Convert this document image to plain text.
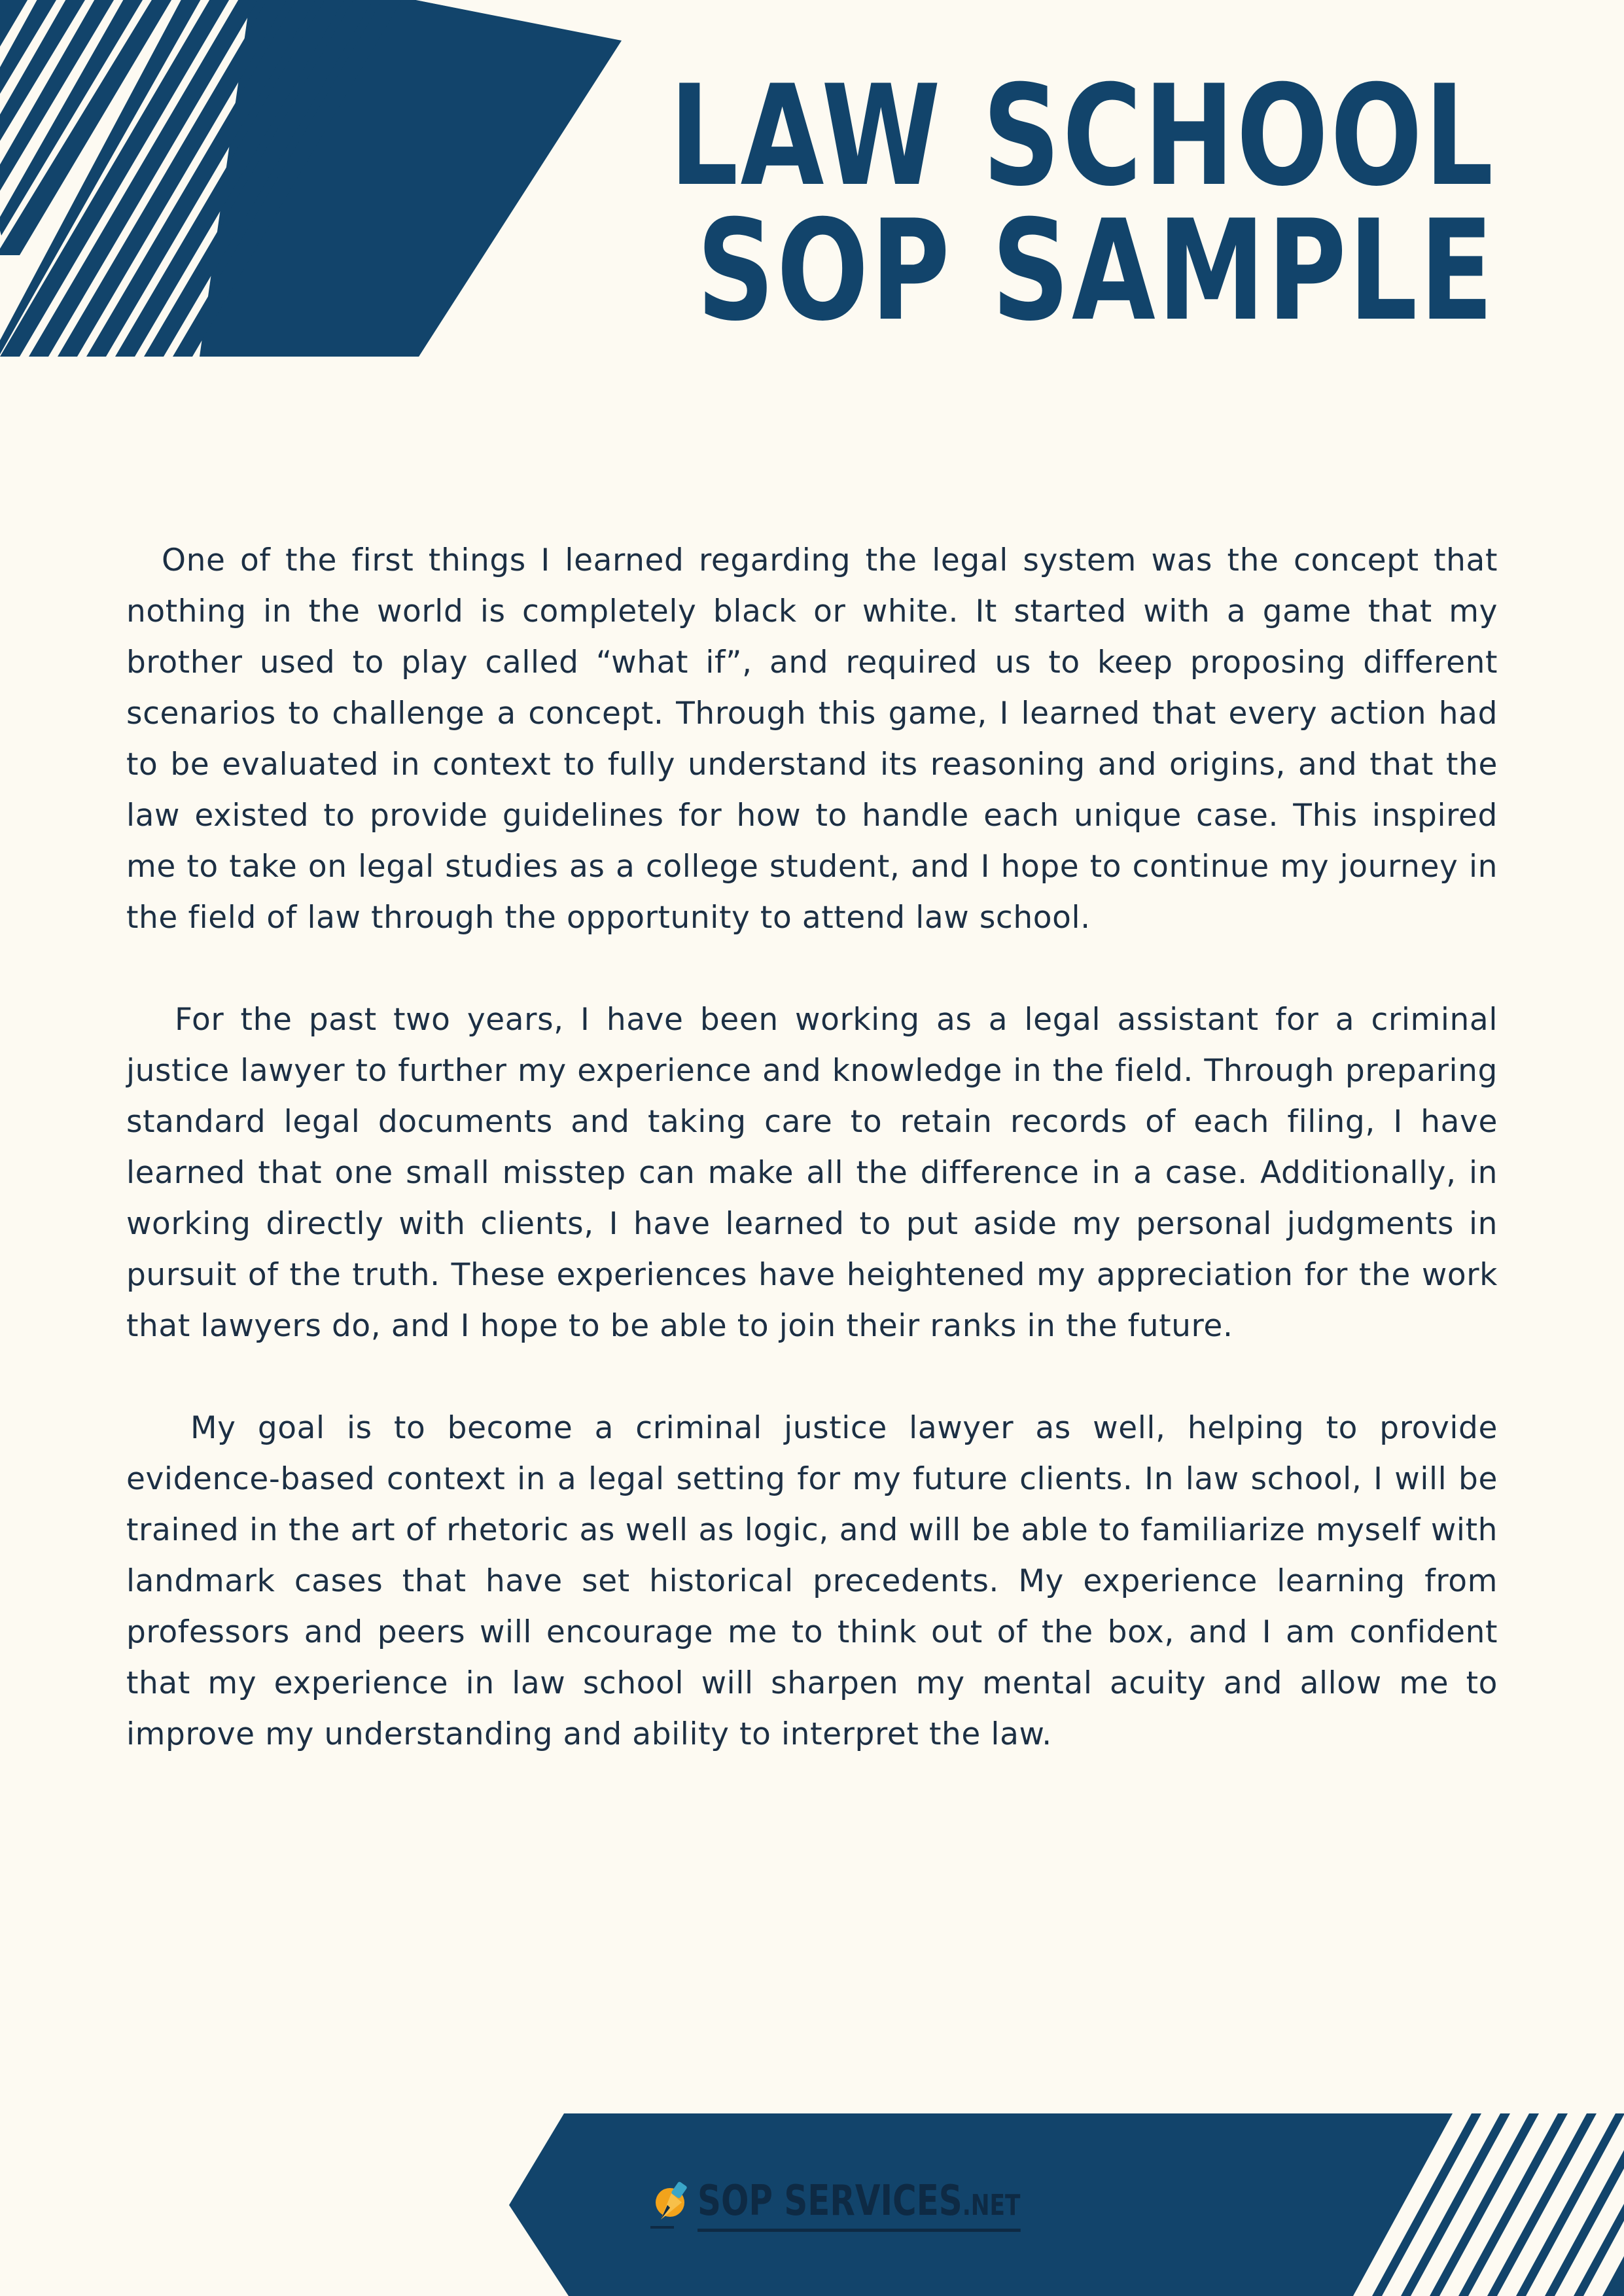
LAW SCHOOL
SOP SAMPLE

One of the first things I learned regarding the legal system was the concept that nothing in the world is completely black or white. It started with a game that my brother used to play called “what if”, and required us to keep proposing different scenarios to challenge a concept. Through this game, I learned that every action had to be evaluated in context to fully understand its reasoning and origins, and that the law existed to provide guidelines for how to handle each unique case. This inspired me to take on legal studies as a college student, and I hope to continue my journey in the field of law through the opportunity to attend law school.

For the past two years, I have been working as a legal assistant for a criminal justice lawyer to further my experience and knowledge in the field. Through preparing standard legal documents and taking care to retain records of each filing, I have learned that one small misstep can make all the difference in a case. Additionally, in working directly with clients, I have learned to put aside my personal judgments in pursuit of the truth. These experiences have heightened my appreciation for the work that lawyers do, and I hope to be able to join their ranks in the future.

My goal is to become a criminal justice lawyer as well, helping to provide evidence-based context in a legal setting for my future clients. In law school, I will be trained in the art of rhetoric as well as logic, and will be able to familiarize myself with landmark cases that have set historical precedents. My experience learning from professors and peers will encourage me to think out of the box, and I am confident that my experience in law school will sharpen my mental acuity and allow me to improve my understanding and ability to interpret the law.

SOP SERVICES.NET
